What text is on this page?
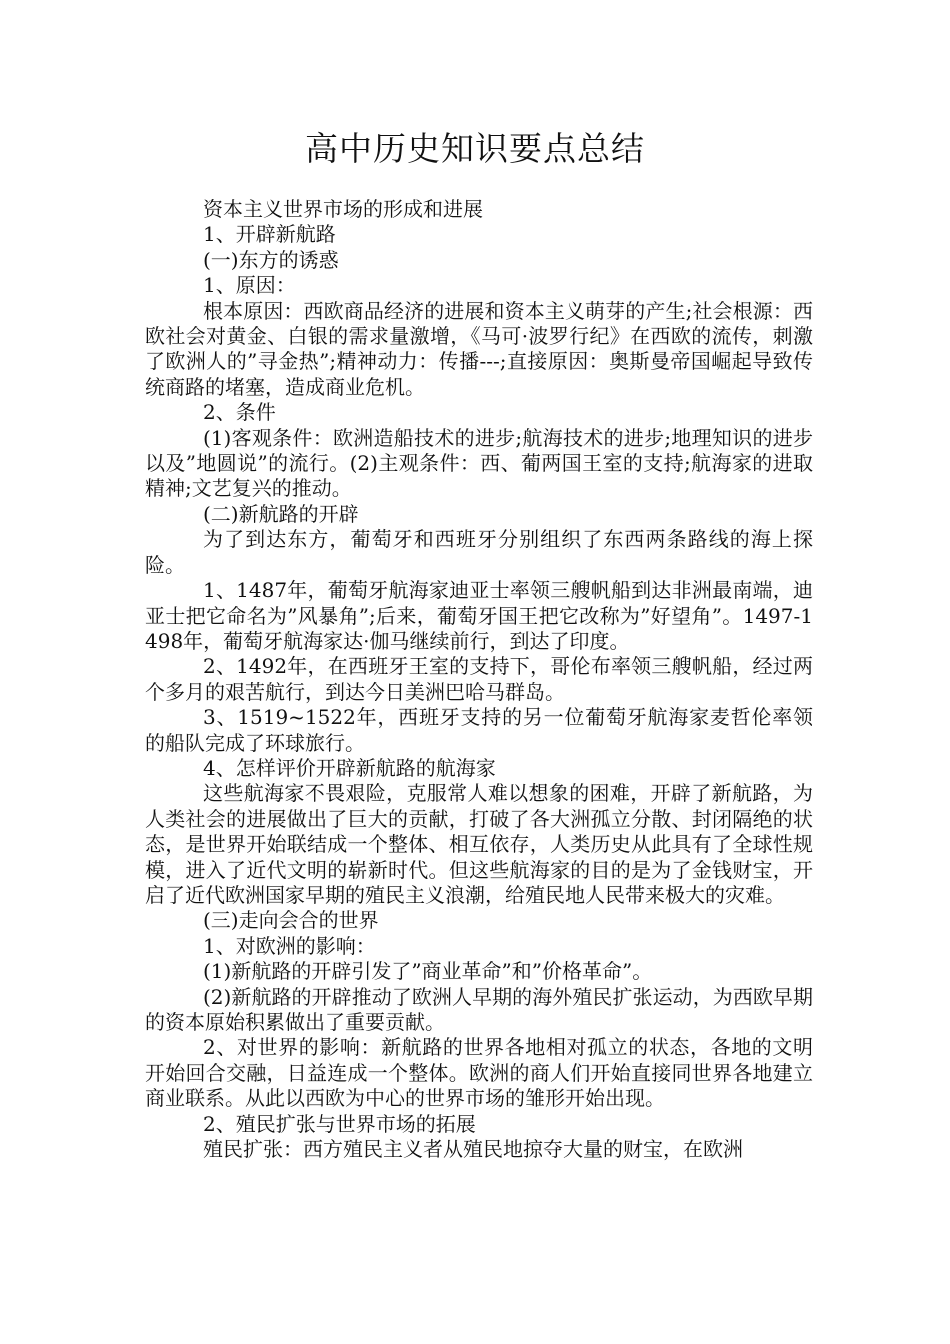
高中历史知识要点总结

资本主义世界市场的形成和进展

1、开辟新航路

(一)东方的诱惑

1、原因：

根本原因：西欧商品经济的进展和资本主义萌芽的产生;社会根源：西欧社会对黄金、白银的需求量激增，《马可·波罗行纪》在西欧的流传，刺激了欧洲人的”寻金热”;精神动力：传播---;直接原因：奥斯曼帝国崛起导致传统商路的堵塞，造成商业危机。

2、条件

(1)客观条件：欧洲造船技术的进步;航海技术的进步;地理知识的进步以及”地圆说”的流行。(2)主观条件：西、葡两国王室的支持;航海家的进取精神;文艺复兴的推动。

(二)新航路的开辟

为了到达东方，葡萄牙和西班牙分别组织了东西两条路线的海上探险。

1、1487年，葡萄牙航海家迪亚士率领三艘帆船到达非洲最南端，迪亚士把它命名为”风暴角”;后来，葡萄牙国王把它改称为”好望角”。1497-1498年，葡萄牙航海家达·伽马继续前行，到达了印度。

2、1492年，在西班牙王室的支持下，哥伦布率领三艘帆船，经过两个多月的艰苦航行，到达今日美洲巴哈马群岛。

3、1519~1522年，西班牙支持的另一位葡萄牙航海家麦哲伦率领的船队完成了环球旅行。

4、怎样评价开辟新航路的航海家

这些航海家不畏艰险，克服常人难以想象的困难，开辟了新航路，为人类社会的进展做出了巨大的贡献，打破了各大洲孤立分散、封闭隔绝的状态，是世界开始联结成一个整体、相互依存，人类历史从此具有了全球性规模，进入了近代文明的崭新时代。但这些航海家的目的是为了金钱财宝，开启了近代欧洲国家早期的殖民主义浪潮，给殖民地人民带来极大的灾难。

(三)走向会合的世界

1、对欧洲的影响：

(1)新航路的开辟引发了”商业革命”和”价格革命”。

(2)新航路的开辟推动了欧洲人早期的海外殖民扩张运动，为西欧早期的资本原始积累做出了重要贡献。

2、对世界的影响：新航路的世界各地相对孤立的状态，各地的文明开始回合交融，日益连成一个整体。欧洲的商人们开始直接同世界各地建立商业联系。从此以西欧为中心的世界市场的雏形开始出现。

2、殖民扩张与世界市场的拓展

殖民扩张：西方殖民主义者从殖民地掠夺大量的财宝，在欧洲
